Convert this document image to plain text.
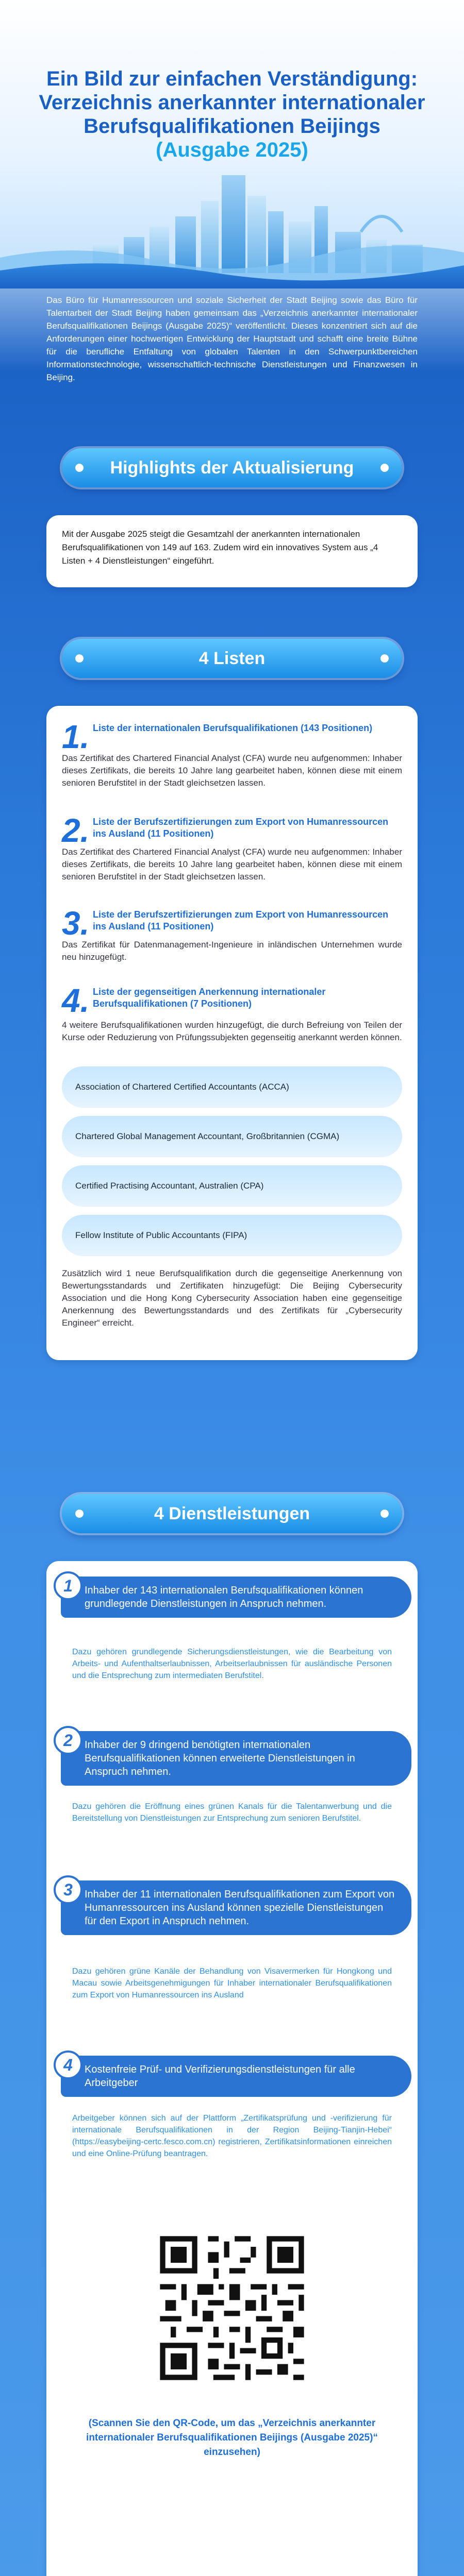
Ein Bild zur einfachen Verständigung:
Verzeichnis anerkannter internationaler
Berufsqualifikationen Beijings
(Ausgabe 2025)
Das Büro für Humanressourcen und soziale Sicherheit der Stadt Beijing sowie das Büro für Talentarbeit der Stadt Beijing haben gemeinsam das „Verzeichnis anerkannter internationaler Berufsqualifikationen Beijings (Ausgabe 2025)“ veröffentlicht. Dieses konzentriert sich auf die Anforderungen einer hochwertigen Entwicklung der Hauptstadt und schafft eine breite Bühne für die berufliche Entfaltung von globalen Talenten in den Schwerpunktbereichen Informationstechnologie, wissenschaftlich-technische Dienstleistungen und Finanzwesen in Beijing.
Highlights der Aktualisierung

Mit der Ausgabe 2025 steigt die Gesamtzahl der anerkannten internationalen Berufsqualifikationen von 149 auf 163. Zudem wird ein innovatives System aus „4 Listen + 4 Dienstleistungen“ eingeführt.

4 Listen
1. Liste der internationalen Berufsqualifikationen (143 Positionen)
Das Zertifikat des Chartered Financial Analyst (CFA) wurde neu aufgenommen: Inhaber dieses Zertifikats, die bereits 10 Jahre lang gearbeitet haben, können diese mit einem senioren Berufstitel in der Stadt gleichsetzen lassen.
2. Liste der Berufszertifizierungen zum Export von Humanressourcen ins Ausland (11 Positionen)
Das Zertifikat des Chartered Financial Analyst (CFA) wurde neu aufgenommen: Inhaber dieses Zertifikats, die bereits 10 Jahre lang gearbeitet haben, können diese mit einem senioren Berufstitel in der Stadt gleichsetzen lassen.
3. Liste der Berufszertifizierungen zum Export von Humanressourcen ins Ausland (11 Positionen)
Das Zertifikat für Datenmanagement-Ingenieure in inländischen Unternehmen wurde neu hinzugefügt.
4. Liste der gegenseitigen Anerkennung internationaler Berufsqualifikationen (7 Positionen)
4 weitere Berufsqualifikationen wurden hinzugefügt, die durch Befreiung von Teilen der Kurse oder Reduzierung von Prüfungssubjekten gegenseitig anerkannt werden können.
Association of Chartered Certified Accountants (ACCA)
Chartered Global Management Accountant, Großbritannien (CGMA)
Certified Practising Accountant, Australien (CPA)
Fellow Institute of Public Accountants (FIPA)
Zusätzlich wird 1 neue Berufsqualifikation durch die gegenseitige Anerkennung von Bewertungsstandards und Zertifikaten hinzugefügt: Die Beijing Cybersecurity Association und die Hong Kong Cybersecurity Association haben eine gegenseitige Anerkennung des Bewertungsstandards und des Zertifikats für „Cybersecurity Engineer“ erreicht.
4 Dienstleistungen
Inhaber der 143 internationalen Berufsqualifikationen können grundlegende Dienstleistungen in Anspruch nehmen.
1
Dazu gehören grundlegende Sicherungsdienstleistungen, wie die Bearbeitung von Arbeits- und Aufenthaltserlaubnissen, Arbeitserlaubnissen für ausländische Personen und die Entsprechung zum intermediaten Berufstitel.
Inhaber der 9 dringend benötigten internationalen Berufsqualifikationen können erweiterte Dienstleistungen in Anspruch nehmen.
2
Dazu gehören die Eröffnung eines grünen Kanals für die Talentanwerbung und die Bereitstellung von Dienstleistungen zur Entsprechung zum senioren Berufstitel.
Inhaber der 11 internationalen Berufsqualifikationen zum Export von Humanressourcen ins Ausland können spezielle Dienstleistungen für den Export in Anspruch nehmen.
3
Dazu gehören grüne Kanäle der Behandlung von Visavermerken für Hongkong und Macau sowie Arbeitsgenehmigungen für Inhaber internationaler Berufsqualifikationen zum Export von Humanressourcen ins Ausland
Kostenfreie Prüf- und Verifizierungsdienstleistungen für alle Arbeitgeber
4
Arbeitgeber können sich auf der Plattform „Zertifikatsprüfung und -verifizierung für internationale Berufsqualifikationen in der Region Beijing-Tianjin-Hebei“ (https://easybeijing-certc.fesco.com.cn) registrieren, Zertifikatsinformationen einreichen und eine Online-Prüfung beantragen.
(Scannen Sie den QR-Code, um das „Verzeichnis anerkannter internationaler Berufsqualifikationen Beijings (Ausgabe 2025)“ einzusehen)
